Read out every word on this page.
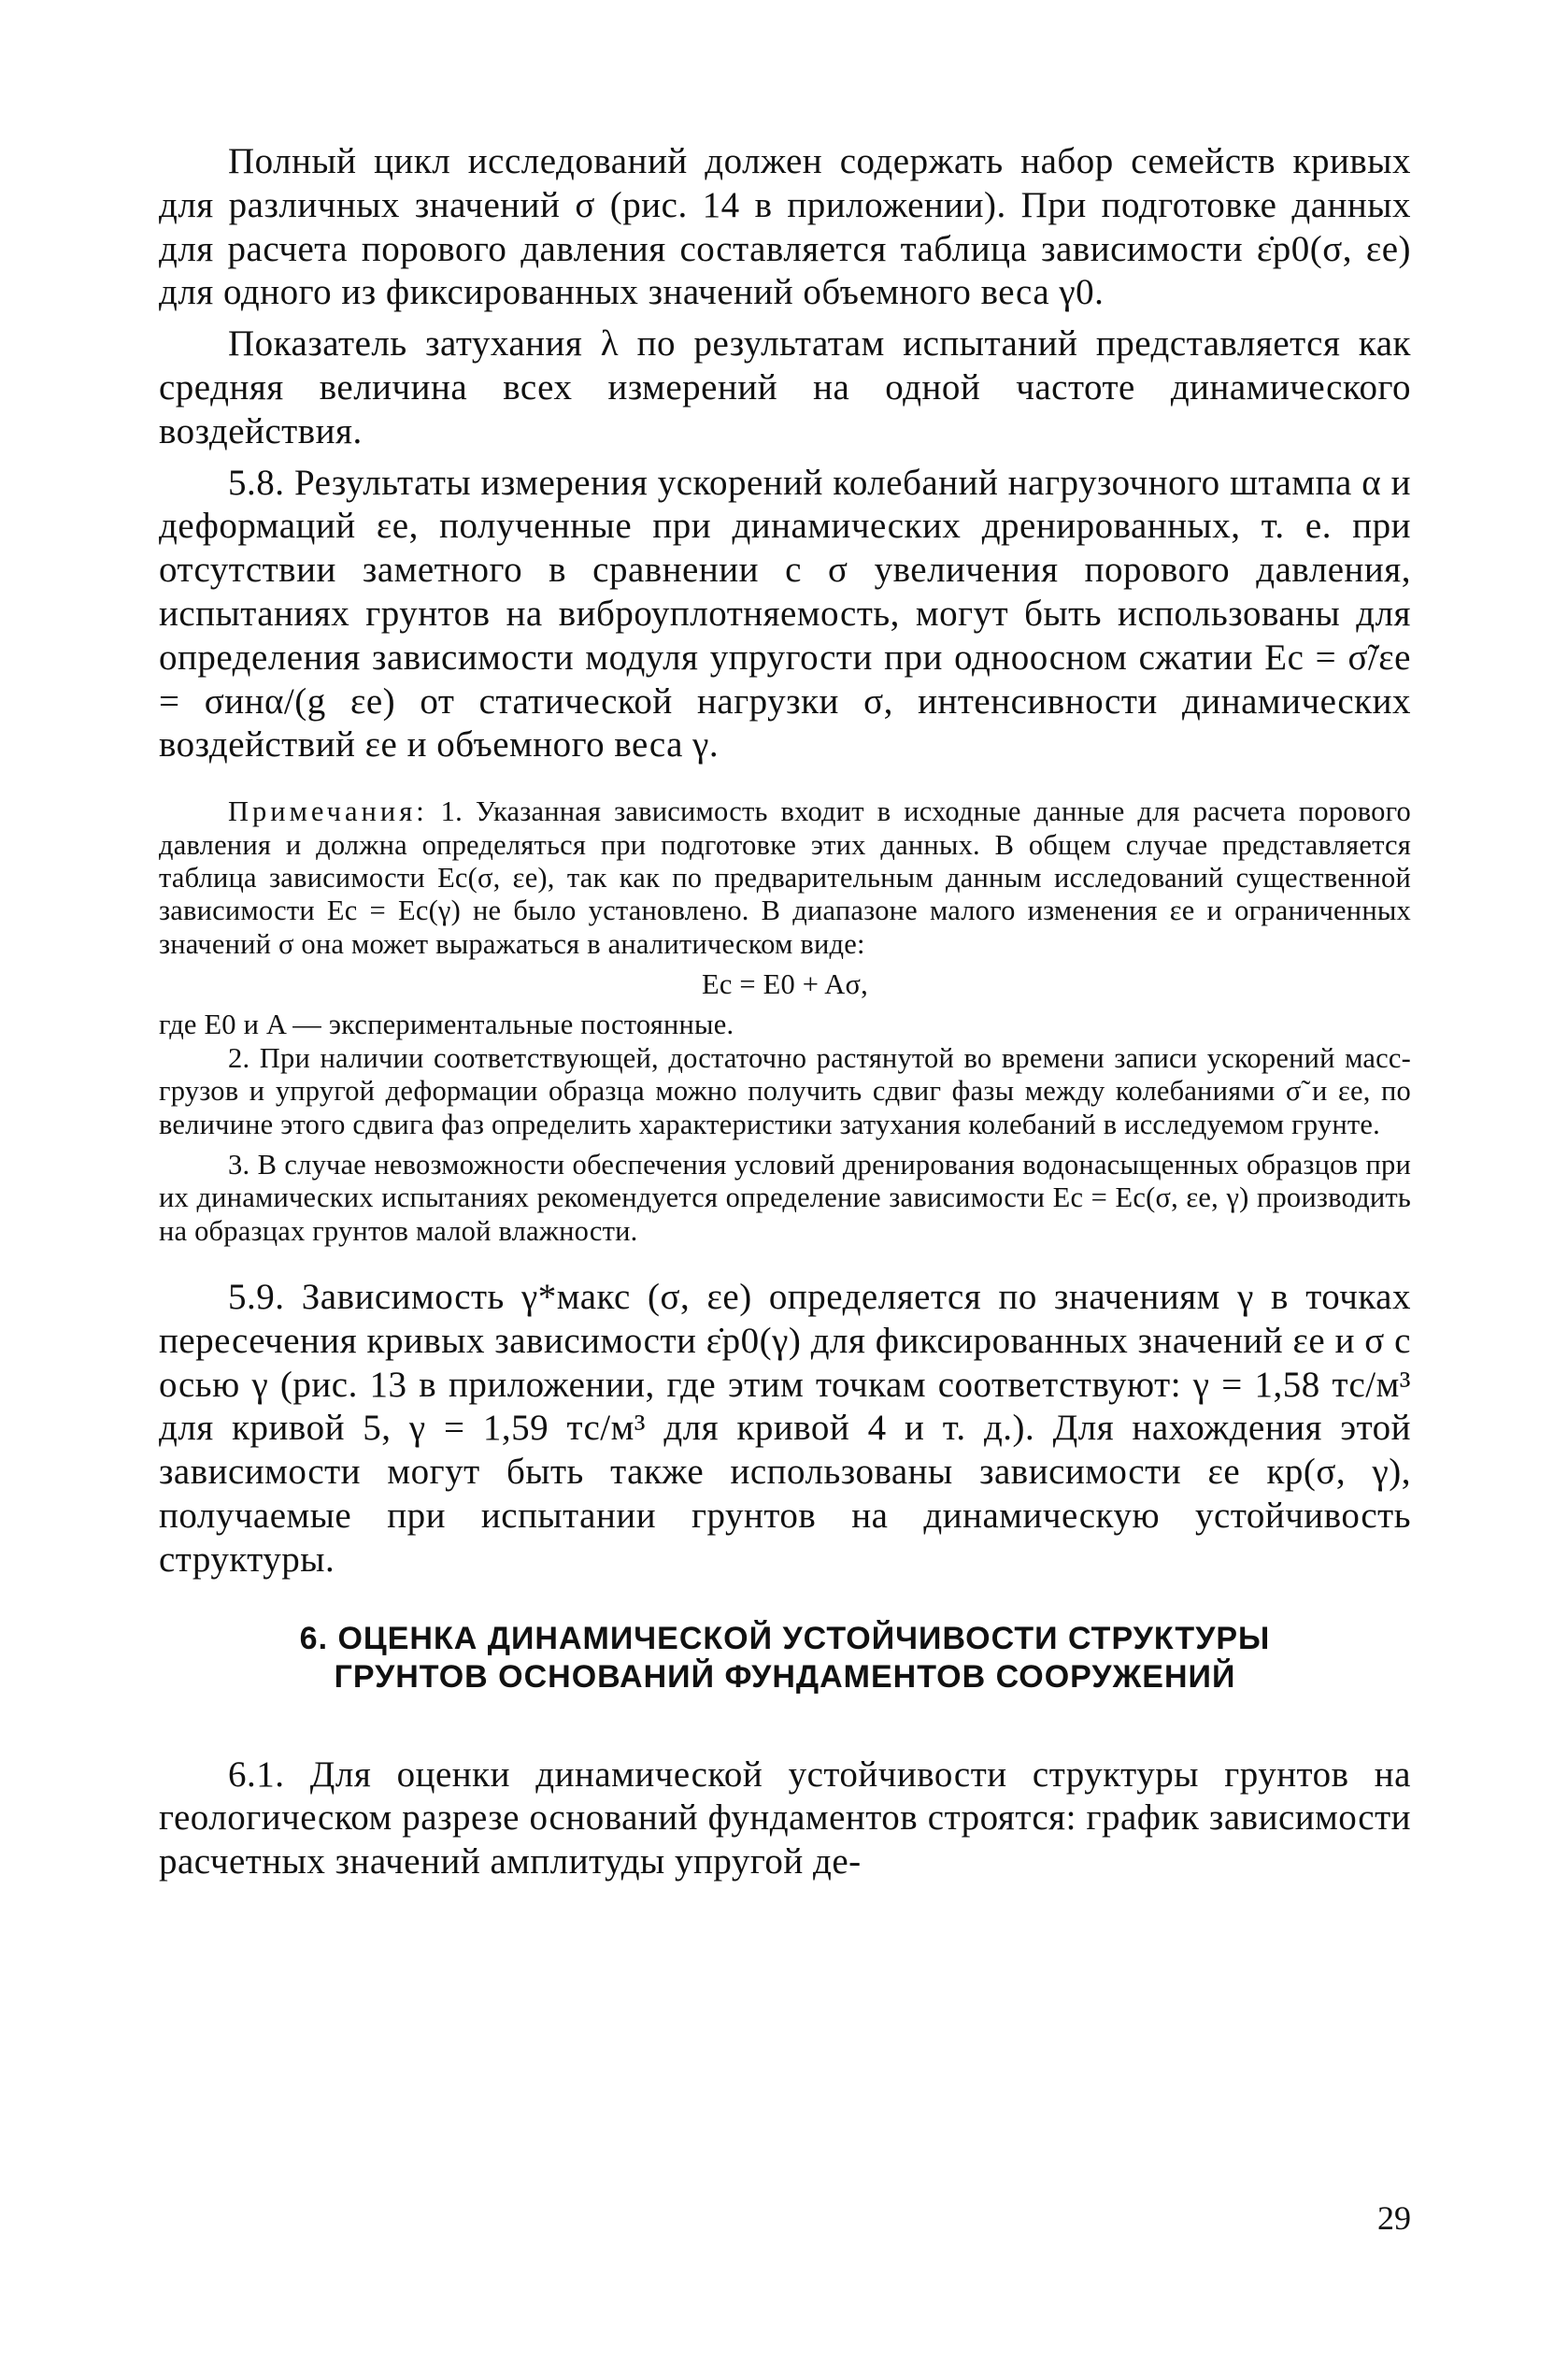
Полный цикл исследований должен содержать набор семейств кривых для различных значений σ (рис. 14 в приложении). При подготовке данных для расчета порового давления составляется таблица зависимости ε̇p0(σ, εe) для одного из фиксированных значений объемного веса γ0.

Показатель затухания λ по результатам испытаний представляется как средняя величина всех измерений на одной частоте динамического воздействия.

5.8. Результаты измерения ускорений колебаний нагрузочного штампа α и деформаций εe, полученные при динамических дренированных, т. е. при отсутствии заметного в сравнении с σ увеличения порового давления, испытаниях грунтов на виброуплотняемость, могут быть использованы для определения зависимости модуля упругости при одноосном сжатии Ec = σ̃/εe = σинα/(g εe) от статической нагрузки σ, интенсивности динамических воздействий εe и объемного веса γ.

Примечания: 1. Указанная зависимость входит в исходные данные для расчета порового давления и должна определяться при подготовке этих данных. В общем случае представляется таблица зависимости Ec(σ, εe), так как по предварительным данным исследований существенной зависимости Ec = Ec(γ) не было установлено. В диапазоне малого изменения εe и ограниченных значений σ она может выражаться в аналитическом виде:

Ec = E0 + Aσ,

где E0 и A — экспериментальные постоянные.

2. При наличии соответствующей, достаточно растянутой во времени записи ускорений масс-грузов и упругой деформации образца можно получить сдвиг фазы между колебаниями σ̃ и εe, по величине этого сдвига фаз определить характеристики затухания колебаний в исследуемом грунте.

3. В случае невозможности обеспечения условий дренирования водонасыщенных образцов при их динамических испытаниях рекомендуется определение зависимости Ec = Ec(σ, εe, γ) производить на образцах грунтов малой влажности.

5.9. Зависимость γ*макс (σ, εe) определяется по значениям γ в точках пересечения кривых зависимости ε̇p0(γ) для фиксированных значений εe и σ с осью γ (рис. 13 в приложении, где этим точкам соответствуют: γ = 1,58 тс/м³ для кривой 5, γ = 1,59 тс/м³ для кривой 4 и т. д.). Для нахождения этой зависимости могут быть также использованы зависимости εe кр(σ, γ), получаемые при испытании грунтов на динамическую устойчивость структуры.

6. ОЦЕНКА ДИНАМИЧЕСКОЙ УСТОЙЧИВОСТИ СТРУКТУРЫ
ГРУНТОВ ОСНОВАНИЙ ФУНДАМЕНТОВ СООРУЖЕНИЙ

6.1. Для оценки динамической устойчивости структуры грунтов на геологическом разрезе оснований фундаментов строятся: график зависимости расчетных значений амплитуды упругой де-

29
